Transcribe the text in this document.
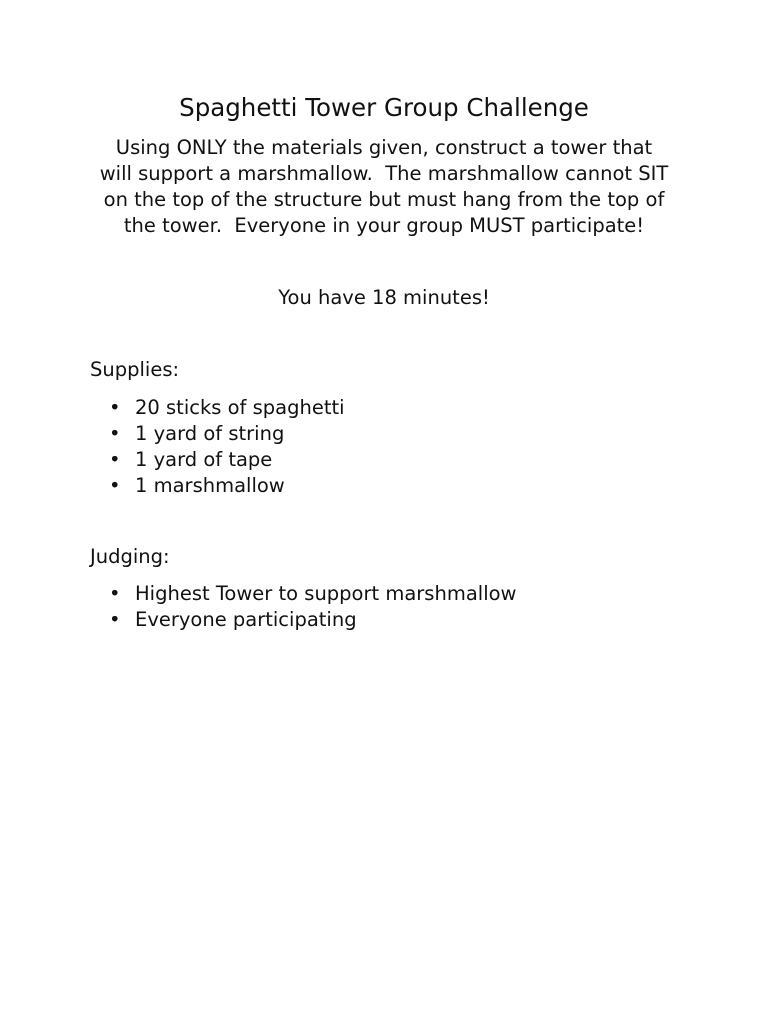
Spaghetti Tower Group Challenge

Using ONLY the materials given, construct a tower that
will support a marshmallow.  The marshmallow cannot SIT
on the top of the structure but must hang from the top of
the tower.  Everyone in your group MUST participate!

You have 18 minutes!

Supplies:
• 20 sticks of spaghetti
• 1 yard of string
• 1 yard of tape
• 1 marshmallow
Judging:
• Highest Tower to support marshmallow
• Everyone participating
